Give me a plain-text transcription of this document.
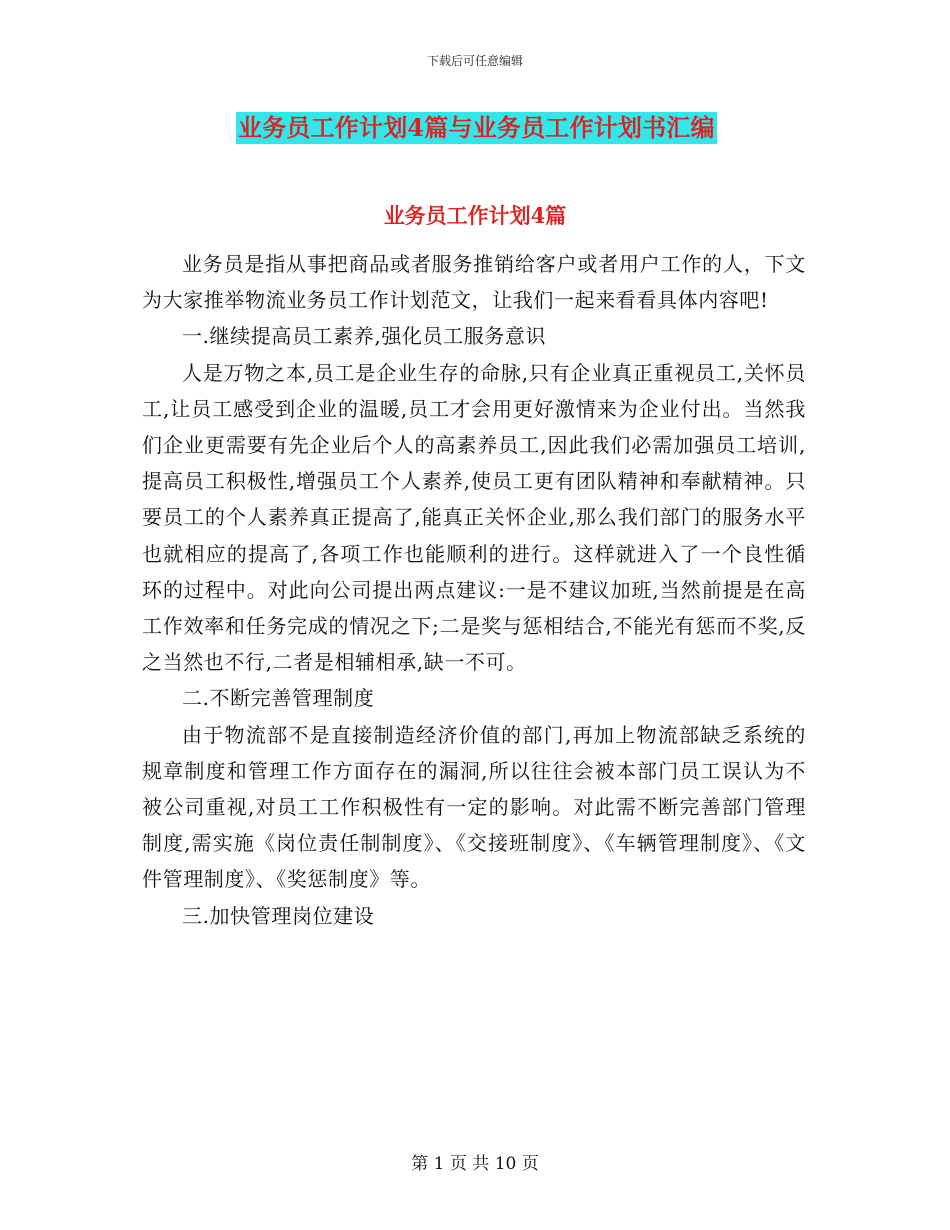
下载后可任意编辑
业务员工作计划4篇与业务员工作计划书汇编
业务员工作计划4篇

业务员是指从事把商品或者服务推销给客户或者用户工作的人，下文为大家推举物流业务员工作计划范文，让我们一起来看看具体内容吧!

一.继续提高员工素养,强化员工服务意识

人是万物之本,员工是企业生存的命脉,只有企业真正重视员工,关怀员工,让员工感受到企业的温暖,员工才会用更好激情来为企业付出。当然我们企业更需要有先企业后个人的高素养员工,因此我们必需加强员工培训,提高员工积极性,增强员工个人素养,使员工更有团队精神和奉献精神。只要员工的个人素养真正提高了,能真正关怀企业,那么我们部门的服务水平也就相应的提高了,各项工作也能顺利的进行。这样就进入了一个良性循环的过程中。对此向公司提出两点建议:一是不建议加班,当然前提是在高工作效率和任务完成的情况之下;二是奖与惩相结合,不能光有惩而不奖,反之当然也不行,二者是相辅相承,缺一不可。

二.不断完善管理制度

由于物流部不是直接制造经济价值的部门,再加上物流部缺乏系统的规章制度和管理工作方面存在的漏洞,所以往往会被本部门员工误认为不被公司重视,对员工工作积极性有一定的影响。对此需不断完善部门管理制度,需实施《岗位责任制制度》、《交接班制度》、《车辆管理制度》、《文件管理制度》、《奖惩制度》等。

三.加快管理岗位建设

第 1 页 共 10 页
